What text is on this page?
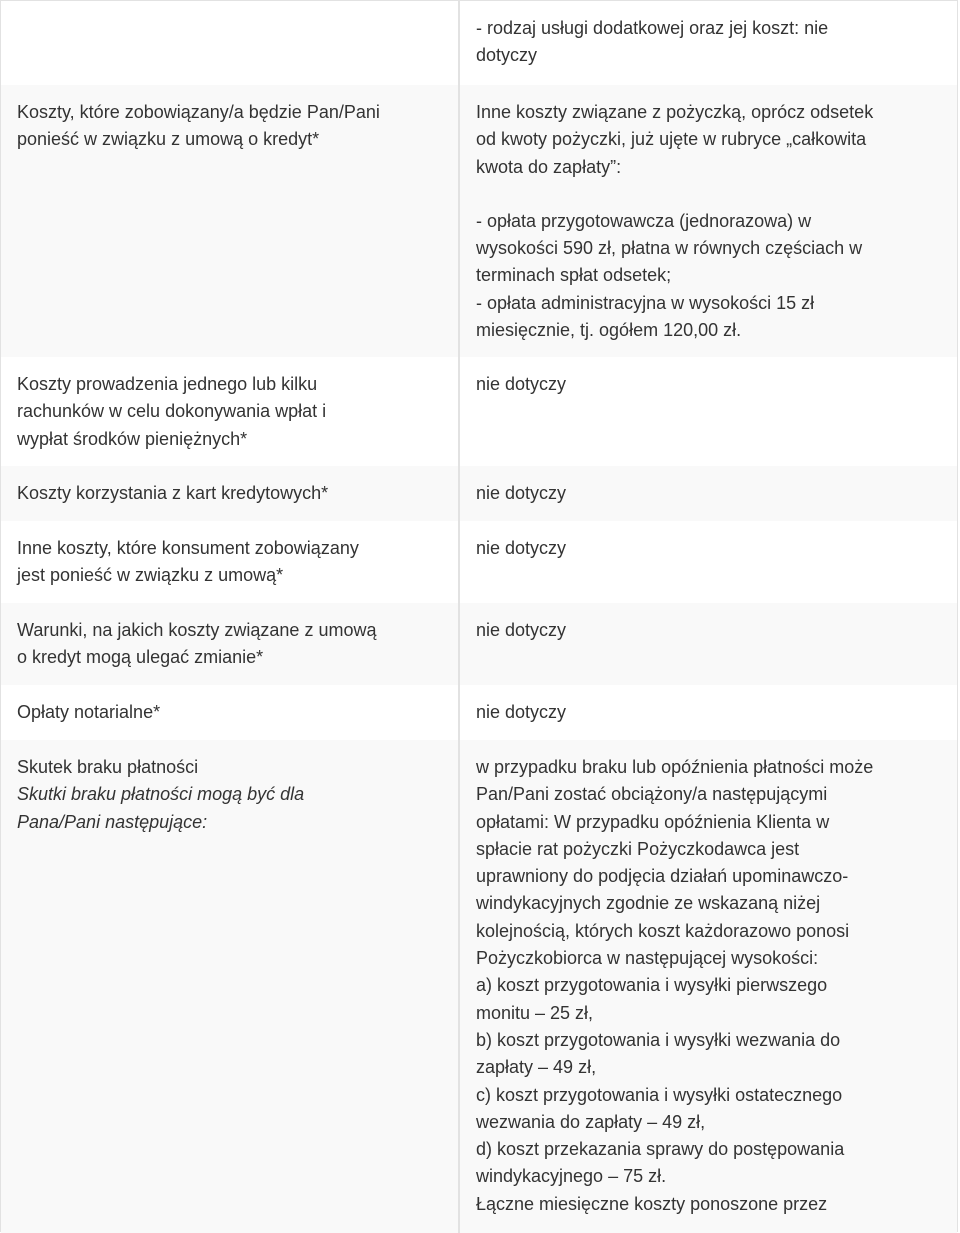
- rodzaj usługi dodatkowej oraz jej koszt: nie
dotyczy
Koszty, które zobowiązany/a będzie Pan/Pani
ponieść w związku z umową o kredyt*
Inne koszty związane z pożyczką, oprócz odsetek
od kwoty pożyczki, już ujęte w rubryce „całkowita
kwota do zapłaty”:
- opłata przygotowawcza (jednorazowa) w
wysokości 590 zł, płatna w równych częściach w
terminach spłat odsetek;
- opłata administracyjna w wysokości 15 zł
miesięcznie, tj. ogółem 120,00 zł.
Koszty prowadzenia jednego lub kilku
rachunków w celu dokonywania wpłat i
wypłat środków pieniężnych*
nie dotyczy
Koszty korzystania z kart kredytowych*	nie dotyczy
Inne koszty, które konsument zobowiązany
jest ponieść w związku z umową*
nie dotyczy
Warunki, na jakich koszty związane z umową
o kredyt mogą ulegać zmianie*
nie dotyczy
Opłaty notarialne*	nie dotyczy
Skutek braku płatności
Skutki braku płatności mogą być dla
Pana/Pani następujące:
w przypadku braku lub opóźnienia płatności może
Pan/Pani zostać obciążony/a następującymi
opłatami: W przypadku opóźnienia Klienta w
spłacie rat pożyczki Pożyczkodawca jest
uprawniony do podjęcia działań upominawczo-
windykacyjnych zgodnie ze wskazaną niżej
kolejnością, których koszt każdorazowo ponosi
Pożyczkobiorca w następującej wysokości:
a) koszt przygotowania i wysyłki pierwszego
monitu – 25 zł,
b) koszt przygotowania i wysyłki wezwania do
zapłaty – 49 zł,
c) koszt przygotowania i wysyłki ostatecznego
wezwania do zapłaty – 49 zł,
d) koszt przekazania sprawy do postępowania
windykacyjnego – 75 zł.
Łączne miesięczne koszty ponoszone przez
